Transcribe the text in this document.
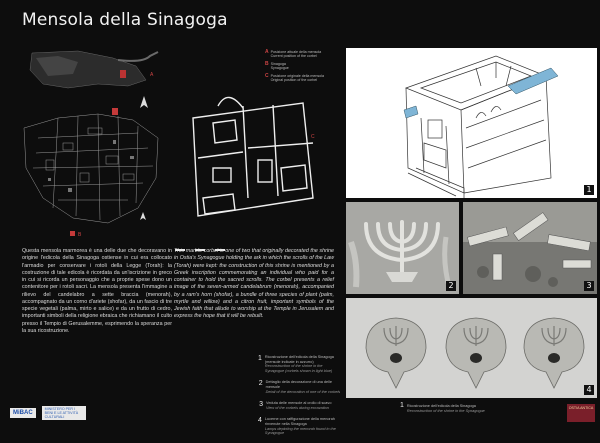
Mensola della Sinagoga
A
B
C
A Posizione attuale della mensola
Current position of the corbel
B Sinagoga
Synagogue
C Posizione originale della mensola
Original position of the corbel
Questa mensola marmorea è una delle due che decoravano in origine l'edicola della Sinagoga ostiense in cui era collocato l'armadio per conservare i rotoli della Legge (Torah): la costruzione di tale edicola è ricordata da un'iscrizione in greco in cui si ricorda un personaggio che a proprie spese dono un contenitore per i rotoli sacri. La mensola presenta l'immagine a rilievo del candelabro a sette braccia (menorah), accompagnato da un corno d'ariete (shofar), da un fascio di tre specie vegetali (palma, mirto e salice) e da un frutto di cedro, importanti simboli della religione ebraica che richiamano il culto presso il Tempio di Gerusalemme, esprimendo la speranza per la sua ricostruzione.
This marble corbel is one of two that originally decorated the shrine in Ostia's Synagogue holding the ark in which the scrolls of the Law (Torah) were kept: the construction of this shrine is mentioned by a Greek inscription commemorating an individual who paid for a container to hold the sacred scrolls. The corbel presents a relief image of the seven-armed candelabrum (menorah), accompanied by a ram's horn (shofar), a bundle of three species of plant (palm, myrtle and willow) and a citron fruit, important symbols of the Jewish faith that allude to worship at the Temple in Jerusalem and express the hope that it will be rebuilt.
1 Ricostruzione dell'edicola della Sinagoga (mensole indicate in azzurro)
Reconstruction of the shrine in the Synagogue (corbels shown in light blue)
2 Dettaglio della decorazione di una delle mensole
Detail of the decoration of one of the corbels
3 Veduta delle mensole al crollo di scavo
View of the corbels during excavation
4 Lucerne con raffigurazione della menorah rinvenute nella Sinagoga
Lamps depicting the menorah found in the Synagogue
1
2	3
4
MiBAC
MINISTERO PER I BENI E LE ATTIVITÀ CULTURALI
1 Ricostruzione dell'edicola della Sinagoga
Reconstruction of the shrine in the Synagogue
OSTIA ANTICA
